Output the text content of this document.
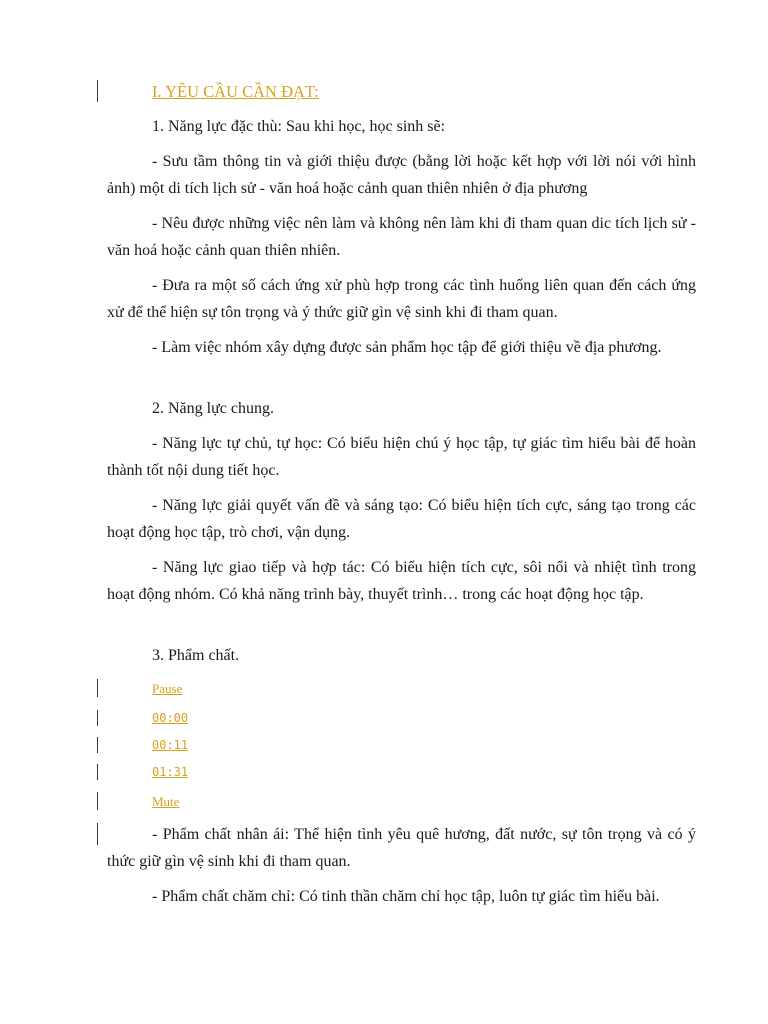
I. YÊU CẦU CẦN ĐẠT:
1. Năng lực đặc thù: Sau khi học, học sinh sẽ:
- Sưu tầm thông tin và giới thiệu được (bằng lời hoặc kết hợp với lời nói với hình ảnh) một di tích lịch sử - văn hoá hoặc cảnh quan thiên nhiên ở địa phương
- Nêu được những việc nên làm và không nên làm khi đi tham quan dic tích lịch sử - văn hoá hoặc cảnh quan thiên nhiên.
- Đưa ra một số cách ứng xử phù hợp trong các tình huống liên quan đến cách ứng xử để thể hiện sự tôn trọng và ý thức giữ gìn vệ sinh khi đi tham quan.
- Làm việc nhóm xây dựng được sản phẩm học tập để giới thiệu về địa phương.
2. Năng lực chung.
- Năng lực tự chủ, tự học: Có biểu hiện chú ý học tập, tự giác tìm hiểu bài để hoàn thành tốt nội dung tiết học.
- Năng lực giải quyết vấn đề và sáng tạo: Có biểu hiện tích cực, sáng tạo trong các hoạt động học tập, trò chơi, vận dụng.
- Năng lực giao tiếp và hợp tác: Có biểu hiện tích cực, sôi nổi và nhiệt tình trong hoạt động nhóm. Có khả năng trình bày, thuyết trình… trong các hoạt động học tập.
3. Phẩm chất.
Pause
00:00
00:11
01:31
Mute
- Phẩm chất nhân ái: Thể hiện tình yêu quê hương, đất nước, sự tôn trọng và có ý thức giữ gìn vệ sinh khi đi tham quan.
- Phẩm chất chăm chỉ: Có tinh thần chăm chỉ học tập, luôn tự giác tìm hiểu bài.
